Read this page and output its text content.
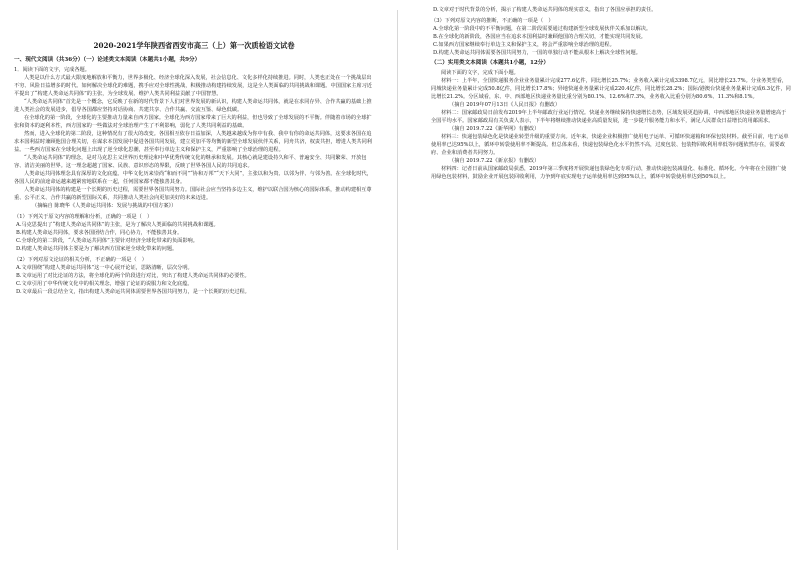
2020-2021学年陕西省西安市高三（上）第一次质检语文试卷
一、现代文阅读（共36分）（一）论述类文本阅读（本题共1小题，共9分）

1．阅读下面的文字，完成各题。

人类是以什么方式最大限度地解放和平衡力，世界多极化、经济全球化深入发展，社会信息化、文化多样化持续推进。同时，人类也正处在一个挑战层出不穷、风险日益增多的时代。如何解决全球化的难题，携手应对全球性挑战，积极推动构建持续发展，这是全人类面临的共同挑战和课题。中国国家主席习近平提出了“构建人类命运共同体”的主张，为全球发展、维护人类共同利益贡献了中国智慧。

“人类命运共同体”首先是一个概念，它反映了在新的时代背景下人们对世界发展的新认识，构建人类命运共同体，就是在求同存异、合作共赢的基础上推进人类社会的发展进步，倡导各国都应坚持对话协商、共建共享、合作共赢、交流互鉴、绿色低碳。

在全球化的第一阶段，全球化的主要推动力量来自西方国家。全球化为西方国家带来了巨大的利益，但也导致了全球发展的不平衡。伴随着市场的全球扩张和资本的逐利本性，西方国家的一些做法对全球治理产生了不利影响，弱化了人类共同利益的基础。

然而，进入全球化的第二阶段，这种情况有了很大的改变。各国相互依存日益加深，人类越来越成为你中有我、我中有你的命运共同体，这要求各国在追求本国利益时兼顾他国合理关切，在谋求本国发展中促进各国共同发展，建立更加平等均衡的新型全球发展伙伴关系，同舟共济，权责共担，增进人类共同利益。一些西方国家在全球化问题上出现了逆全球化思潮，甚至奉行单边主义和保护主义，严重影响了全球治理的进程。

“人类命运共同体”的理念，是对马克思主义世界历史理论和中华优秀传统文化的继承和发展。其核心就是建设持久和平、普遍安全、共同繁荣、开放包容、清洁美丽的世界。这一理念超越了国家、民族、意识形态的界限，反映了世界各国人民的共同追求。

人类命运共同体理念具有深厚的文化底蕴。中华文化历来崇尚“和而不同”“协和万邦”“天下大同”，主张以和为贵、以邻为伴、与邻为善。在全球化时代，各国人民的前途命运越来越紧密地联系在一起，任何国家都不能独善其身。

人类命运共同体的构建是一个长期的历史过程，需要世界各国共同努力。国际社会应当坚持多边主义，维护以联合国为核心的国际体系，推动构建相互尊重、公平正义、合作共赢的新型国际关系，共同推动人类社会向更加美好的未来迈进。

（摘编自 陈晓华《人类命运共同体：发展与挑战的中国方案》）

（1）下列关于原文内容的理解和分析，正确的一项是（　）

A.马克思提出了“构建人类命运共同体”的主张，是为了解决人类面临的共同挑战和课题。

B.构建人类命运共同体，要求各国团结合作，同心协力，不能独善其身。

C.全球化的第二阶段，“人类命运共同体”主要针对经济全球化带来的负面影响。

D.构建人类命运共同体主要是为了解决西方国家逆全球化带来的问题。

（2）下列对原文论证的相关分析，不正确的一项是（　）

A.文章围绕“构建人类命运共同体”这一中心展开论证，思路清晰，层次分明。

B.文章运用了对比论证的方法，将全球化的两个阶段进行对比，突出了构建人类命运共同体的必要性。

C.文章引用了中华传统文化中的相关理念，增强了论证的说服力和文化底蕴。

D.文章最后一段总结全文，指出构建人类命运共同体需要世界各国共同努力，是一个长期的历史过程。

D.文章对于时代背景的分析，揭示了构建人类命运共同体的现实意义，指出了各国应承担的责任。

（3）下列对原文内容的推断，不正确的一项是（　）

A.全球化第一阶段中的不平衡问题，在第二阶段需要通过构建新型全球发展伙伴关系加以解决。

B.在全球化的新阶段，各国应当在追求本国利益时兼顾他国的合理关切，才能实现共同发展。

C.如果西方国家继续奉行单边主义和保护主义，将会严重影响全球治理的进程。

D.构建人类命运共同体需要各国共同努力，一国的单独行动不能从根本上解决全球性问题。

（二）实用类文本阅读（本题共1小题，12分）

阅读下面的文字，完成下面小题。

材料一：上半年，全国快递服务企业业务量累计完成277.6亿件，同比增长25.7%；业务收入累计完成3398.7亿元，同比增长23.7%。分业务类型看，同城快递业务量累计完成50.8亿件，同比增长17.8%；异地快递业务量累计完成220.4亿件，同比增长28.2%；国际/港澳台快递业务量累计完成6.3亿件，同比增长21.2%。分区域看，东、中、西部地区快递业务量比重分别为80.1%、12.6%和7.3%，业务收入比重分别为80.6%、11.3%和8.1%。

（摘自 2019年07月13日《人民日报》有删改）

材料二：国家邮政局日前发布2019年上半年邮政行业运行情况。快递业务继续保持快速增长态势，区域发展更趋协调，中西部地区快递业务量增速高于全国平均水平。国家邮政局有关负责人表示，下半年将继续推动快递业高质量发展，进一步提升服务能力和水平，满足人民群众日益增长的用邮需求。

（摘自 2019.7.22《新华网》有删改）

材料三：快递包装绿色化是快递业转型升级的重要方向。近年来，快递企业积极推广使用电子运单、可循环快递箱和环保包装材料。截至目前，电子运单使用率已达95%以上，循环中转袋使用率不断提高。但总体来看，快递包装绿色化水平仍然不高，过度包装、包装物回收利用率低等问题依然存在，需要政府、企业和消费者共同努力。

（摘自 2019.7.22《新京报》有删改）

材料四：记者日前从国家邮政局获悉，2019年第三季度将开展快递包装绿色化专项行动，推动快递包装减量化、标准化、循环化。今年将在全国推广使用绿色包装材料，鼓励企业开展包装回收利用，力争到年底实现电子运单使用率达到95%以上，循环中转袋使用率达到50%以上。
